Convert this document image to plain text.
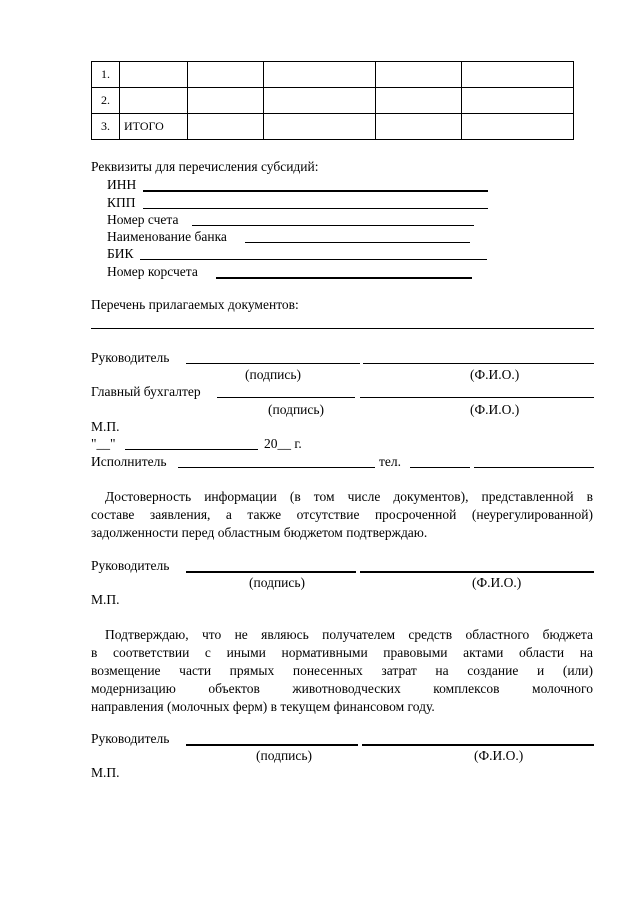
1.					
2.					
3.	ИТОГО				
Реквизиты для перечисления субсидий:
ИНН
КПП
Номер счета
Наименование банка
БИК
Номер корсчета
Перечень прилагаемых документов:
Руководитель
(подпись)	(Ф.И.О.)
Главный бухгалтер
(подпись)	(Ф.И.О.)
М.П.
"__"	20__ г.
Исполнитель	тел.
Достоверность информации (в том числе документов), представленной в
составе заявления, а также отсутствие просроченной (неурегулированной)
задолженности перед областным бюджетом подтверждаю.
Руководитель
(подпись)	(Ф.И.О.)
М.П.
Подтверждаю, что не являюсь получателем средств областного бюджета
в соответствии с иными нормативными правовыми актами области на
возмещение части прямых понесенных затрат на создание и (или)
модернизацию объектов животноводческих комплексов молочного
направления (молочных ферм) в текущем финансовом году.
Руководитель
(подпись)	(Ф.И.О.)
М.П.
